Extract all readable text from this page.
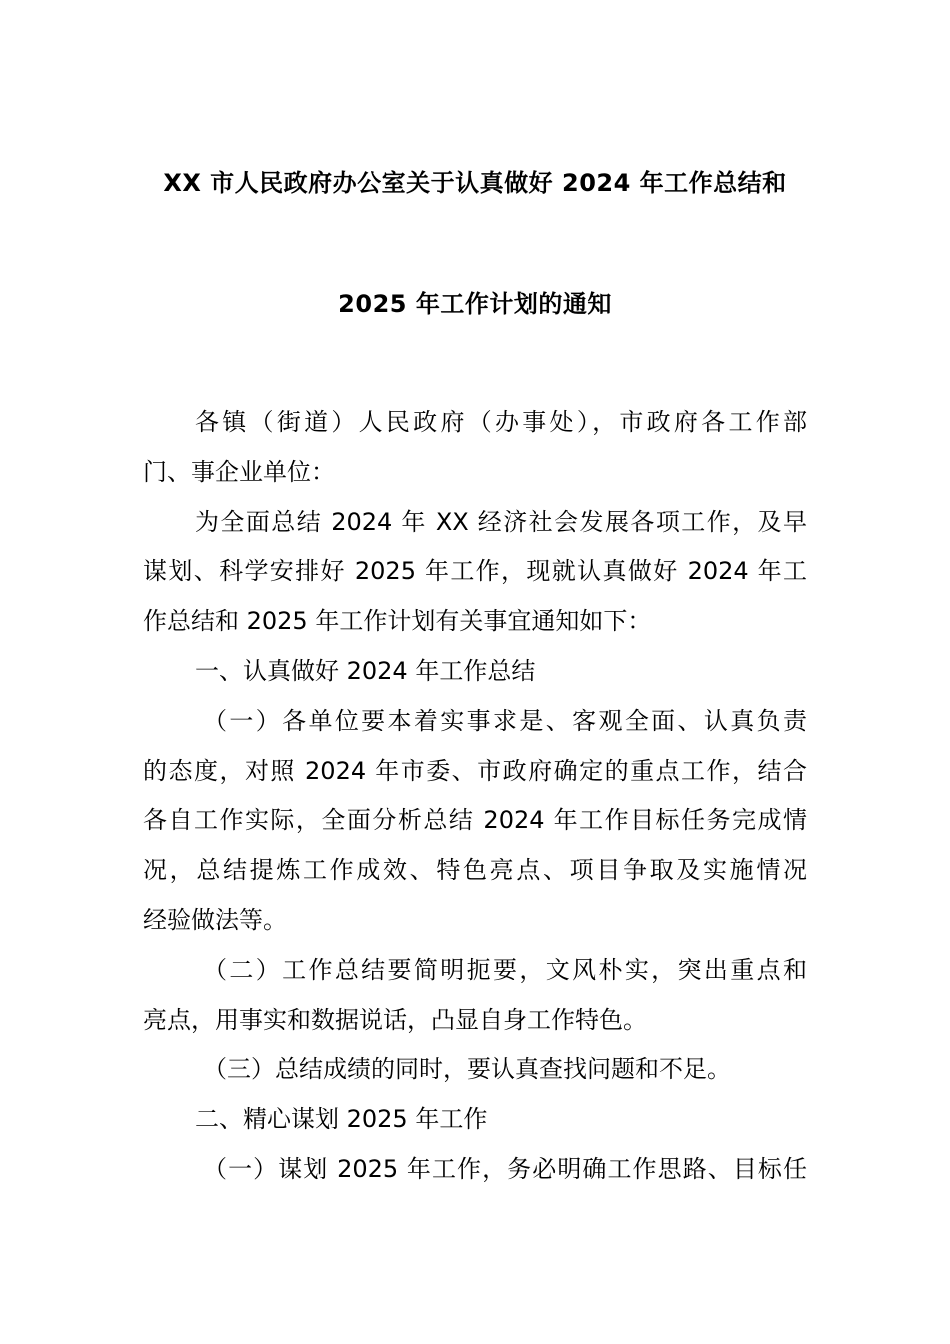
XX 市人民政府办公室关于认真做好 2024 年工作总结和
2025 年工作计划的通知
各镇（街道）人民政府（办事处），市政府各工作部
门、事企业单位：
为全面总结 2024 年 XX 经济社会发展各项工作，及早
谋划、科学安排好 2025 年工作，现就认真做好 2024 年工
作总结和 2025 年工作计划有关事宜通知如下：
一、认真做好 2024 年工作总结
（一）各单位要本着实事求是、客观全面、认真负责
的态度，对照 2024 年市委、市政府确定的重点工作，结合
各自工作实际，全面分析总结 2024 年工作目标任务完成情
况，总结提炼工作成效、特色亮点、项目争取及实施情况
经验做法等。
（二）工作总结要简明扼要，文风朴实，突出重点和
亮点，用事实和数据说话，凸显自身工作特色。
（三）总结成绩的同时，要认真查找问题和不足。
二、精心谋划 2025 年工作
（一）谋划 2025 年工作，务必明确工作思路、目标任
